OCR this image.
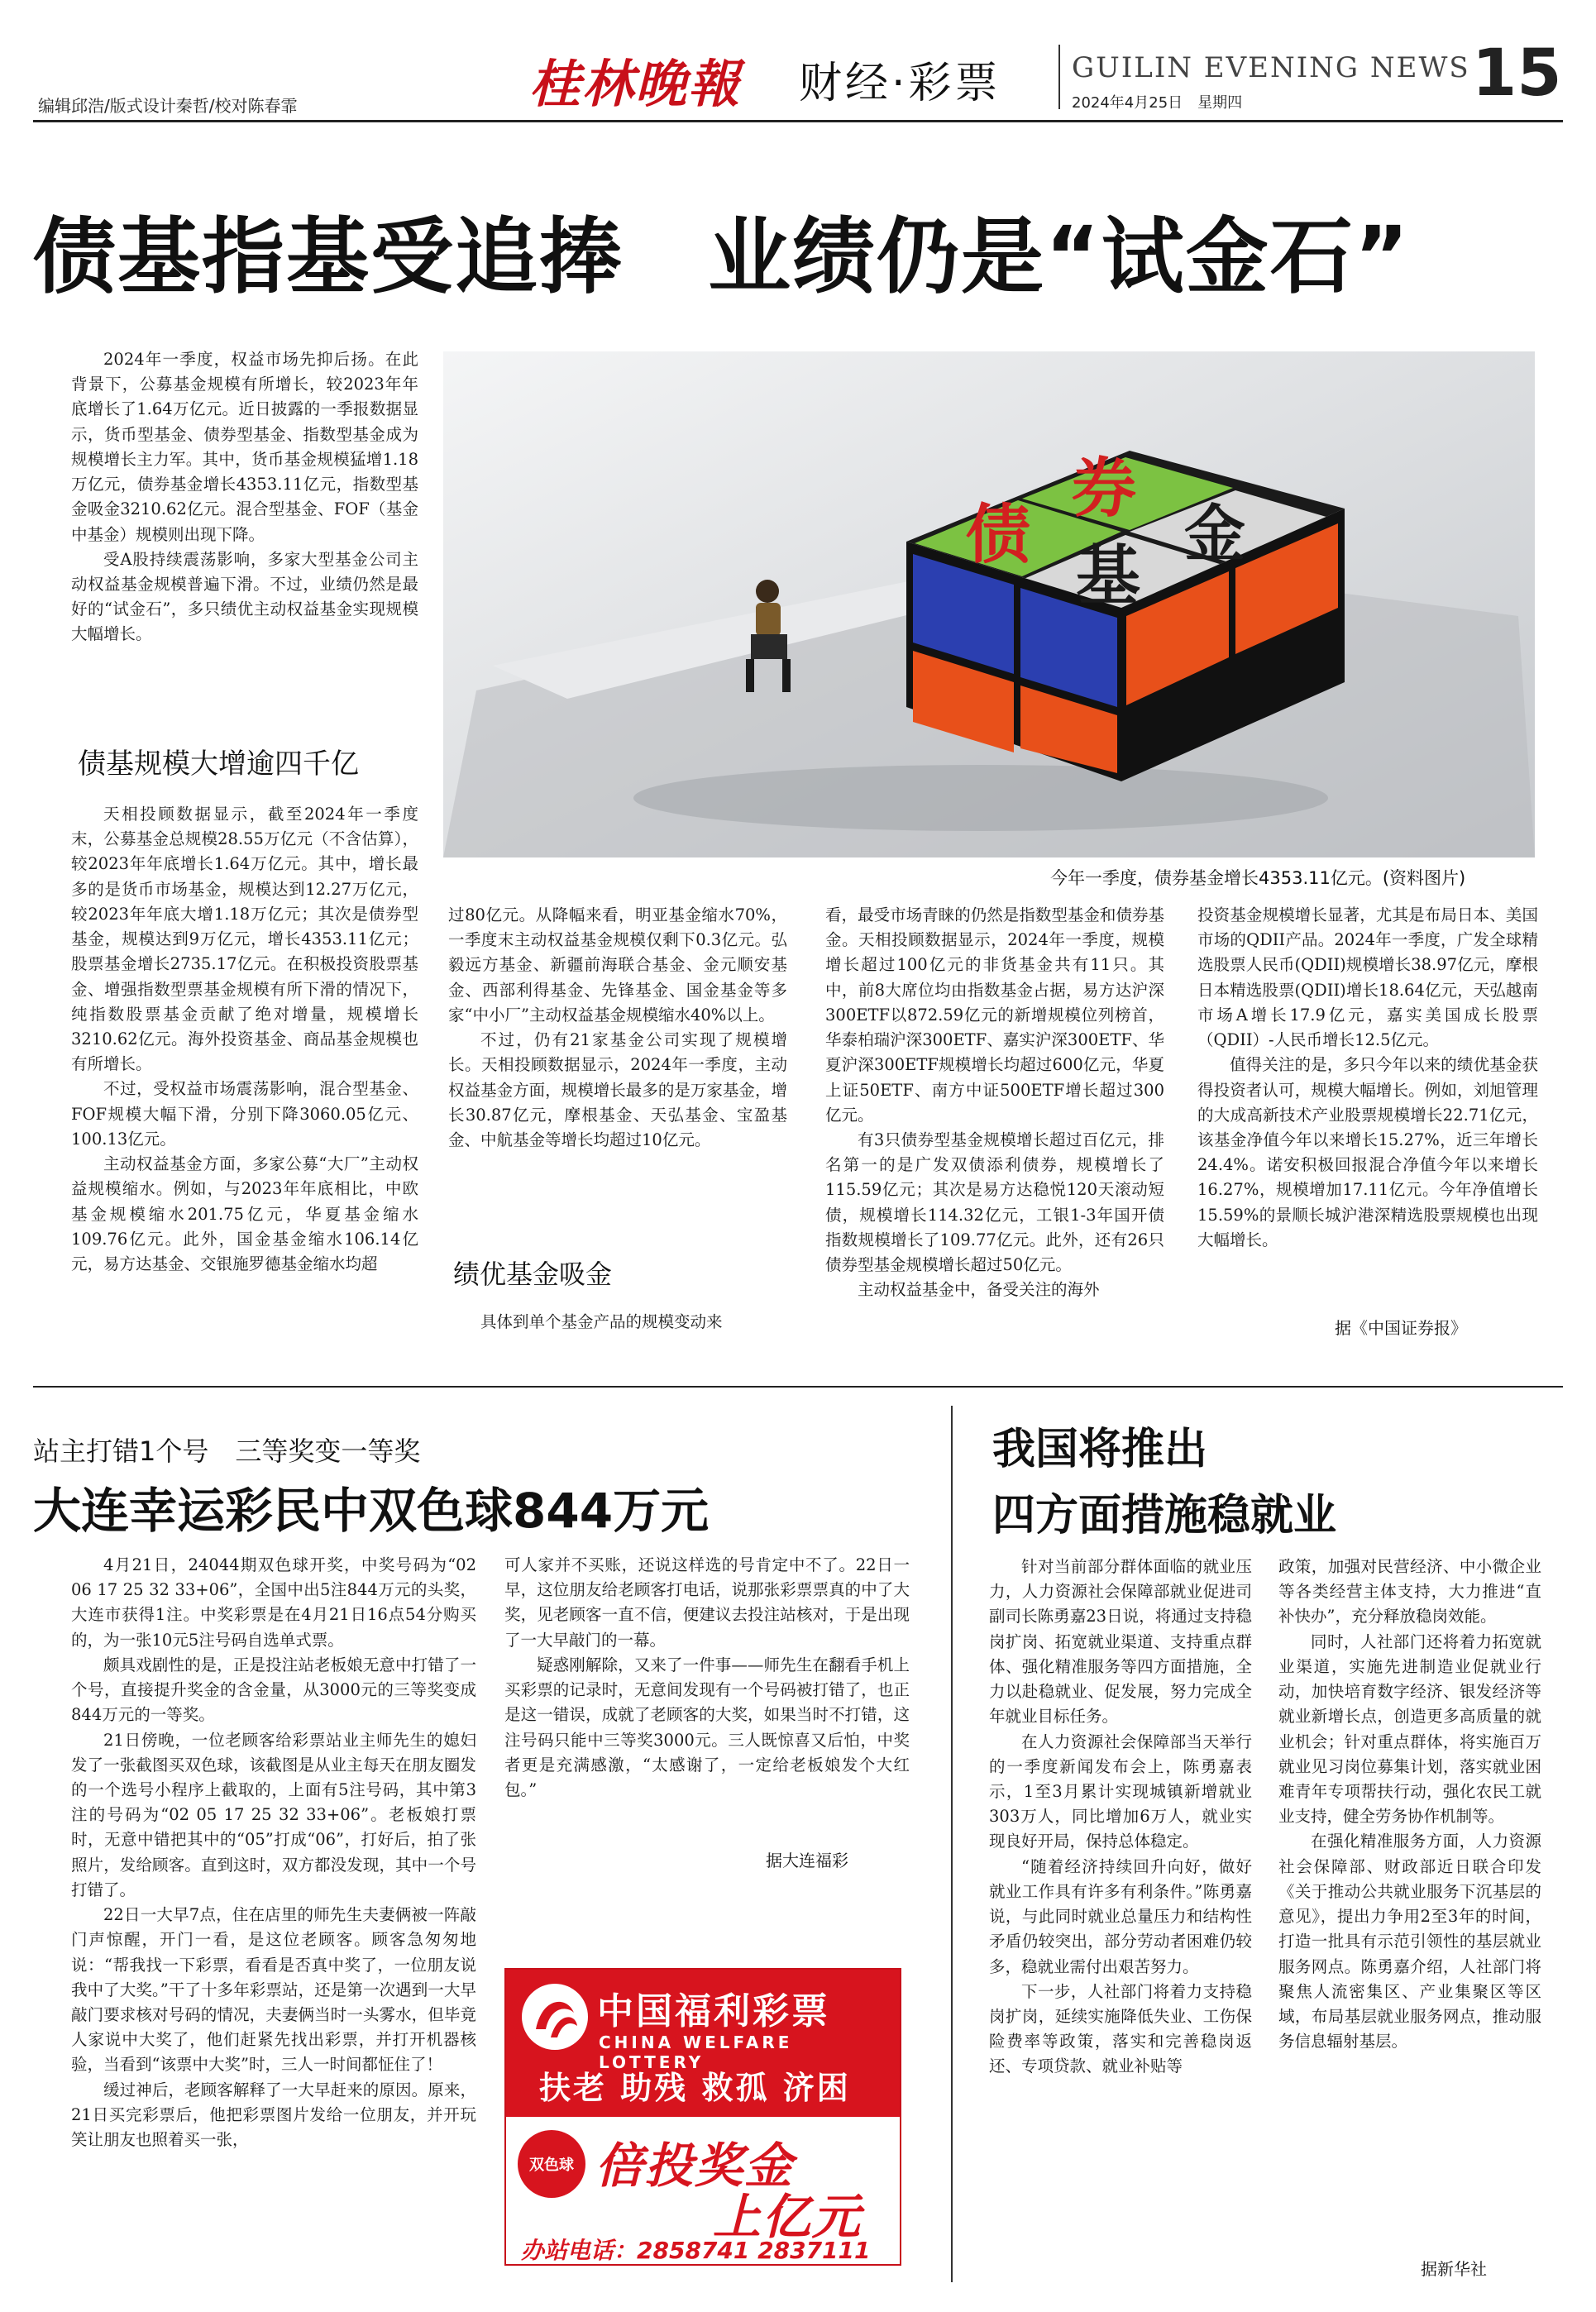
编辑邱浩/版式设计秦哲/校对陈春霏	桂林晚報 财经·彩票	GUILIN EVENING NEWS
2024年4月25日　星期四	15
债基指基受追捧　业绩仍是“试金石”

2024年一季度，权益市场先抑后扬。在此背景下，公募基金规模有所增长，较2023年年底增长了1.64万亿元。近日披露的一季报数据显示，货币型基金、债券型基金、指数型基金成为规模增长主力军。其中，货币基金规模猛增1.18万亿元，债券基金增长4353.11亿元，指数型基金吸金3210.62亿元。混合型基金、FOF（基金中基金）规模则出现下降。

受A股持续震荡影响，多家大型基金公司主动权益基金规模普遍下滑。不过，业绩仍然是最好的“试金石”，多只绩优主动权益基金实现规模大幅增长。

债基规模大增逾四千亿

天相投顾数据显示，截至2024年一季度末，公募基金总规模28.55万亿元（不含估算），较2023年年底增长1.64万亿元。其中，增长最多的是货币市场基金，规模达到12.27万亿元，较2023年年底大增1.18万亿元；其次是债券型基金，规模达到9万亿元，增长4353.11亿元；股票基金增长2735.17亿元。在积极投资股票基金、增强指数型票基金规模有所下滑的情况下，纯指数股票基金贡献了绝对增量，规模增长3210.62亿元。海外投资基金、商品基金规模也有所增长。

不过，受权益市场震荡影响，混合型基金、FOF规模大幅下滑，分别下降3060.05亿元、100.13亿元。

主动权益基金方面，多家公募“大厂”主动权益规模缩水。例如，与2023年年底相比，中欧基金规模缩水201.75亿元，华夏基金缩水109.76亿元。此外，国金基金缩水106.14亿元，易方达基金、交银施罗德基金缩水均超

债
券
基
金
今年一季度，债券基金增长4353.11亿元。(资料图片)

过80亿元。从降幅来看，明亚基金缩水70%，一季度末主动权益基金规模仅剩下0.3亿元。弘毅远方基金、新疆前海联合基金、金元顺安基金、西部利得基金、先锋基金、国金基金等多家“中小厂”主动权益基金规模缩水40%以上。

不过，仍有21家基金公司实现了规模增长。天相投顾数据显示，2024年一季度，主动权益基金方面，规模增长最多的是万家基金，增长30.87亿元，摩根基金、天弘基金、宝盈基金、中航基金等增长均超过10亿元。

绩优基金吸金

具体到单个基金产品的规模变动来

看，最受市场青睐的仍然是指数型基金和债券基金。天相投顾数据显示，2024年一季度，规模增长超过100亿元的非货基金共有11只。其中，前8大席位均由指数基金占据，易方达沪深300ETF以872.59亿元的新增规模位列榜首，华泰柏瑞沪深300ETF、嘉实沪深300ETF、华夏沪深300ETF规模增长均超过600亿元，华夏上证50ETF、南方中证500ETF增长超过300亿元。

有3只债券型基金规模增长超过百亿元，排名第一的是广发双债添利债券，规模增长了115.59亿元；其次是易方达稳悦120天滚动短债，规模增长114.32亿元，工银1-3年国开债指数规模增长了109.77亿元。此外，还有26只债券型基金规模增长超过50亿元。

主动权益基金中，备受关注的海外

投资基金规模增长显著，尤其是布局日本、美国市场的QDII产品。2024年一季度，广发全球精选股票人民币(QDII)规模增长38.97亿元，摩根日本精选股票(QDII)增长18.64亿元，天弘越南市场A增长17.9亿元，嘉实美国成长股票（QDII）-人民币增长12.5亿元。

值得关注的是，多只今年以来的绩优基金获得投资者认可，规模大幅增长。例如，刘旭管理的大成高新技术产业股票规模增长22.71亿元，该基金净值今年以来增长15.27%，近三年增长24.4%。诺安积极回报混合净值今年以来增长16.27%，规模增加17.11亿元。今年净值增长15.59%的景顺长城沪港深精选股票规模也出现大幅增长。

据《中国证券报》
站主打错1个号　三等奖变一等奖
大连幸运彩民中双色球844万元

4月21日，24044期双色球开奖，中奖号码为“02 06 17 25 32 33+06”，全国中出5注844万元的头奖，大连市获得1注。中奖彩票是在4月21日16点54分购买的，为一张10元5注号码自选单式票。

颇具戏剧性的是，正是投注站老板娘无意中打错了一个号，直接提升奖金的含金量，从3000元的三等奖变成844万元的一等奖。

21日傍晚，一位老顾客给彩票站业主师先生的媳妇发了一张截图买双色球，该截图是从业主每天在朋友圈发的一个选号小程序上截取的，上面有5注号码，其中第3注的号码为“02 05 17 25 32 33+06”。老板娘打票时，无意中错把其中的“05”打成“06”，打好后，拍了张照片，发给顾客。直到这时，双方都没发现，其中一个号打错了。

22日一大早7点，住在店里的师先生夫妻俩被一阵敲门声惊醒，开门一看，是这位老顾客。顾客急匆匆地说：“帮我找一下彩票，看看是否真中奖了，一位朋友说我中了大奖。”干了十多年彩票站，还是第一次遇到一大早敲门要求核对号码的情况，夫妻俩当时一头雾水，但毕竟人家说中大奖了，他们赶紧先找出彩票，并打开机器核验，当看到“该票中大奖”时，三人一时间都怔住了！

缓过神后，老顾客解释了一大早赶来的原因。原来，21日买完彩票后，他把彩票图片发给一位朋友，并开玩笑让朋友也照着买一张，

可人家并不买账，还说这样选的号肯定中不了。22日一早，这位朋友给老顾客打电话，说那张彩票票真的中了大奖，见老顾客一直不信，便建议去投注站核对，于是出现了一大早敲门的一幕。

疑惑刚解除，又来了一件事——师先生在翻看手机上买彩票的记录时，无意间发现有一个号码被打错了，也正是这一错误，成就了老顾客的大奖，如果当时不打错，这注号码只能中三等奖3000元。三人既惊喜又后怕，中奖者更是充满感激，“太感谢了，一定给老板娘发个大红包。”

据大连福彩
中国福利彩票
CHINA WELFARE LOTTERY
扶老 助残 救孤 济困
双色球 倍投奖金
上亿元
办站电话：2858741 2837111
我国将推出
四方面措施稳就业

针对当前部分群体面临的就业压力，人力资源社会保障部就业促进司副司长陈勇嘉23日说，将通过支持稳岗扩岗、拓宽就业渠道、支持重点群体、强化精准服务等四方面措施，全力以赴稳就业、促发展，努力完成全年就业目标任务。

在人力资源社会保障部当天举行的一季度新闻发布会上，陈勇嘉表示，1至3月累计实现城镇新增就业303万人，同比增加6万人，就业实现良好开局，保持总体稳定。

“随着经济持续回升向好，做好就业工作具有许多有利条件。”陈勇嘉说，与此同时就业总量压力和结构性矛盾仍较突出，部分劳动者困难仍较多，稳就业需付出艰苦努力。

下一步，人社部门将着力支持稳岗扩岗，延续实施降低失业、工伤保险费率等政策，落实和完善稳岗返还、专项贷款、就业补贴等

政策，加强对民营经济、中小微企业等各类经营主体支持，大力推进“直补快办”，充分释放稳岗效能。

同时，人社部门还将着力拓宽就业渠道，实施先进制造业促就业行动，加快培育数字经济、银发经济等就业新增长点，创造更多高质量的就业机会；针对重点群体，将实施百万就业见习岗位募集计划，落实就业困难青年专项帮扶行动，强化农民工就业支持，健全劳务协作机制等。

在强化精准服务方面，人力资源社会保障部、财政部近日联合印发《关于推动公共就业服务下沉基层的意见》，提出力争用2至3年的时间，打造一批具有示范引领性的基层就业服务网点。陈勇嘉介绍，人社部门将聚焦人流密集区、产业集聚区等区域，布局基层就业服务网点，推动服务信息辐射基层。

据新华社
